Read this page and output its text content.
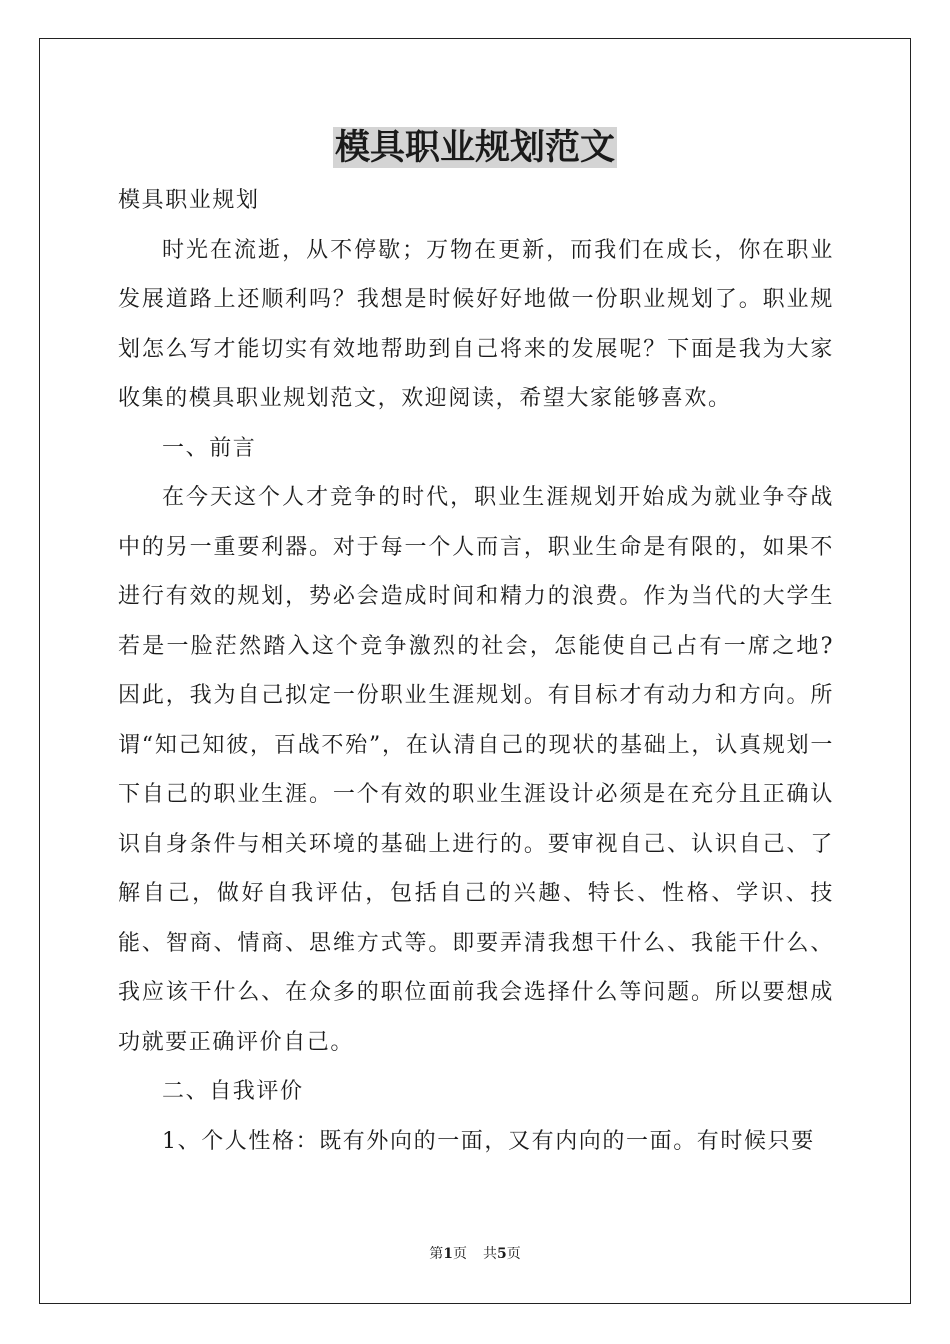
模具职业规划范文

模具职业规划

时光在流逝，从不停歇；万物在更新，而我们在成长，你在职业发展道路上还顺利吗？我想是时候好好地做一份职业规划了。职业规划怎么写才能切实有效地帮助到自己将来的发展呢？下面是我为大家收集的模具职业规划范文，欢迎阅读，希望大家能够喜欢。

一、前言

在今天这个人才竞争的时代，职业生涯规划开始成为就业争夺战中的另一重要利器。对于每一个人而言，职业生命是有限的，如果不进行有效的规划，势必会造成时间和精力的浪费。作为当代的大学生若是一脸茫然踏入这个竞争激烈的社会，怎能使自己占有一席之地?因此，我为自己拟定一份职业生涯规划。有目标才有动力和方向。所谓“知己知彼，百战不殆”，在认清自己的现状的基础上，认真规划一下自己的职业生涯。一个有效的职业生涯设计必须是在充分且正确认识自身条件与相关环境的基础上进行的。要审视自己、认识自己、了解自己，做好自我评估，包括自己的兴趣、特长、性格、学识、技能、智商、情商、思维方式等。即要弄清我想干什么、我能干什么、我应该干什么、在众多的职位面前我会选择什么等问题。所以要想成功就要正确评价自己。

二、自我评价

1、个人性格：既有外向的一面，又有内向的一面。有时候只要

第1页 共5页
